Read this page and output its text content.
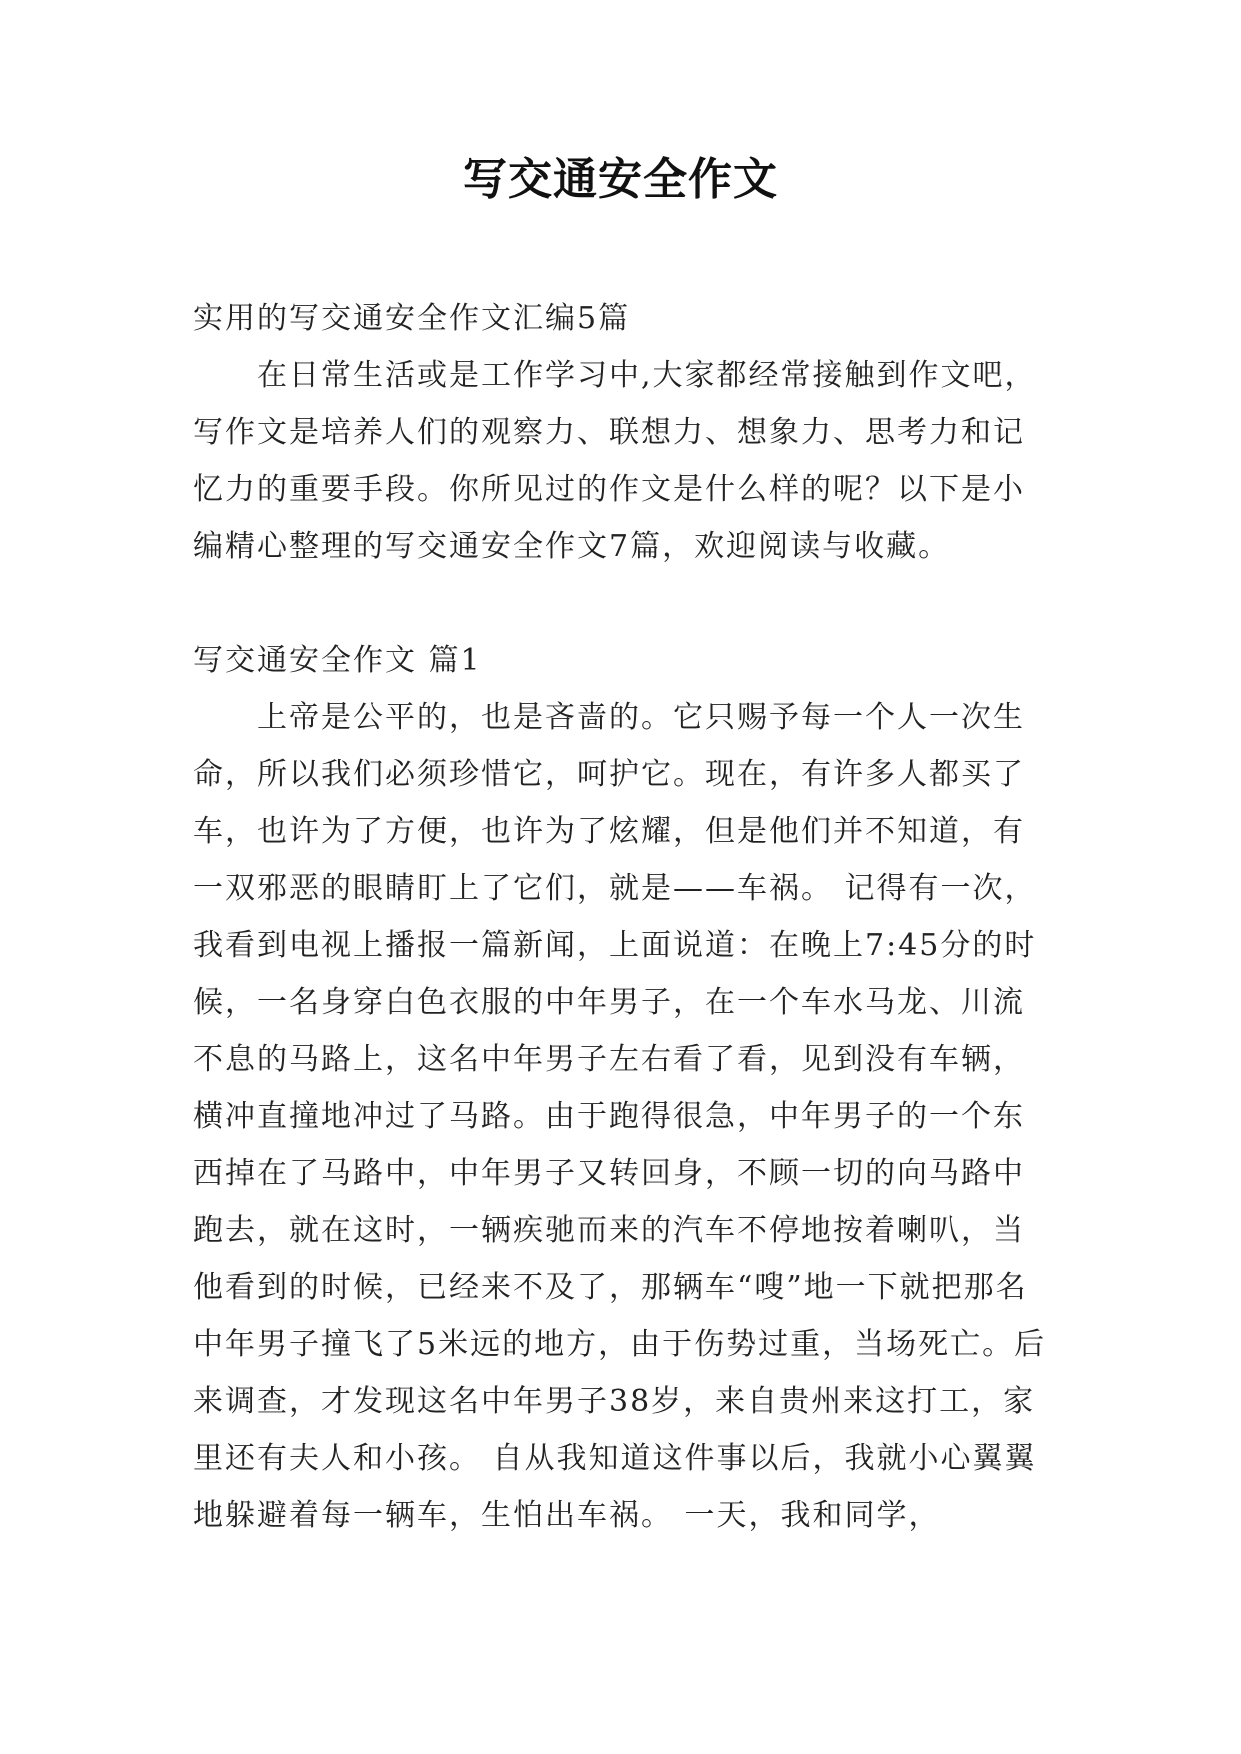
写交通安全作文

实用的写交通安全作文汇编5篇

在日常生活或是工作学习中,大家都经常接触到作文吧，写作文是培养人们的观察力、联想力、想象力、思考力和记忆力的重要手段。你所见过的作文是什么样的呢？以下是小编精心整理的写交通安全作文7篇，欢迎阅读与收藏。

写交通安全作文 篇1

上帝是公平的，也是吝啬的。它只赐予每一个人一次生命，所以我们必须珍惜它，呵护它。现在，有许多人都买了车，也许为了方便，也许为了炫耀，但是他们并不知道，有一双邪恶的眼睛盯上了它们，就是——车祸。 记得有一次，我看到电视上播报一篇新闻，上面说道：在晚上7:45分的时候，一名身穿白色衣服的中年男子，在一个车水马龙、川流不息的马路上，这名中年男子左右看了看，见到没有车辆，横冲直撞地冲过了马路。由于跑得很急，中年男子的一个东西掉在了马路中，中年男子又转回身，不顾一切的向马路中跑去，就在这时，一辆疾驰而来的汽车不停地按着喇叭，当他看到的时候，已经来不及了，那辆车“嗖”地一下就把那名中年男子撞飞了5米远的地方，由于伤势过重，当场死亡。后来调查，才发现这名中年男子38岁，来自贵州来这打工，家里还有夫人和小孩。 自从我知道这件事以后，我就小心翼翼地躲避着每一辆车，生怕出车祸。 一天，我和同学，
